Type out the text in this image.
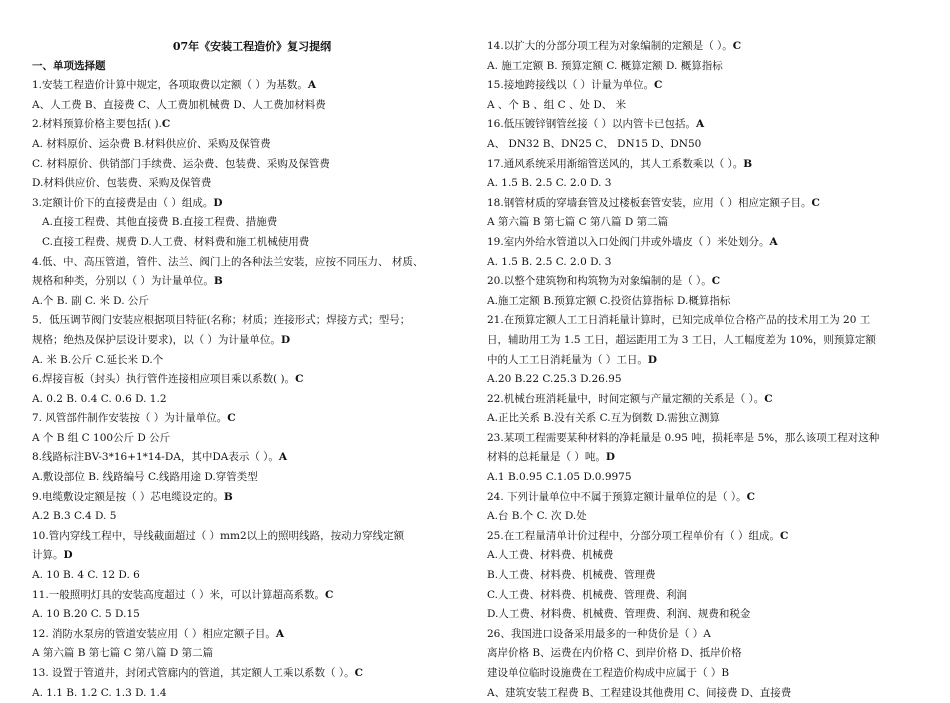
07年《安装工程造价》复习提纲
一、单项选择题
1.安装工程造价计算中规定，各项取费以定额（ ）为基数。A
A、人工费 B、直接费 C、人工费加机械费 D、人工费加材料费
2.材料预算价格主要包括( ).C
A. 材料原价、运杂费 B.材料供应价、采购及保管费
C. 材料原价、供销部门手续费、运杂费、包装费、采购及保管费
D.材料供应价、包装费、采购及保管费
3.定额计价下的直接费是由（ ）组成。D
A.直接工程费、其他直接费 B.直接工程费、措施费
C.直接工程费、规费 D.人工费、材料费和施工机械使用费
4.低、中、高压管道，管件、法兰、阀门上的各种法兰安装，应按不同压力、 材质、
规格和种类，分别以（ ）为计量单位。B
A.个 B. 副 C. 米 D. 公斤
5．低压调节阀门安装应根据项目特征(名称；材质；连接形式；焊接方式；型号；
规格；绝热及保护层设计要求)，以（ ）为计量单位。D
A. 米 B.公斤 C.延长米 D.个
6.焊接盲板（封头）执行管件连接相应项目乘以系数( )。C
A. 0.2 B. 0.4 C. 0.6 D. 1.2
7. 风管部件制作安装按（ ）为计量单位。C
A 个 B 组 C 100公斤 D 公斤
8.线路标注BV-3*16+1*14-DA，其中DA表示（ ）。A
A.敷设部位 B. 线路编号 C.线路用途 D.穿管类型
9.电缆敷设定额是按（ ）芯电缆设定的。B
A.2 B.3 C.4 D. 5
10.管内穿线工程中，导线截面超过（ ）mm2以上的照明线路，按动力穿线定额
计算。D
A. 10 B. 4 C. 12 D. 6
11.一般照明灯具的安装高度超过（ ）米，可以计算超高系数。C
A. 10 B.20 C. 5 D.15
12. 消防水泵房的管道安装应用（ ）相应定额子目。A
A 第六篇 B 第七篇 C 第八篇 D 第二篇
13. 设置于管道井，封闭式管廊内的管道，其定额人工乘以系数（ ）。C
A. 1.1 B. 1.2 C. 1.3 D. 1.4
14.以扩大的分部分项工程为对象编制的定额是（ ）。C
A. 施工定额 B. 预算定额 C. 概算定额 D. 概算指标
15.接地跨接线以（ ）计量为单位。C
A 、个 B 、组 C 、处 D、 米
16.低压镀锌钢管丝接（ ）以内管卡已包括。A
A、 DN32 B、DN25 C、 DN15 D、DN50
17.通风系统采用渐缩管送风的，其人工系数乘以（ ）。B
A. 1.5 B. 2.5 C. 2.0 D. 3
18.钢管材质的穿墙套管及过楼板套管安装，应用（ ）相应定额子目。C
A 第六篇 B 第七篇 C 第八篇 D 第二篇
19.室内外给水管道以入口处阀门井或外墙皮（ ）米处划分。A
A. 1.5 B. 2.5 C. 2.0 D. 3
20.以整个建筑物和构筑物为对象编制的是（ ）。C
A.施工定额 B.预算定额 C.投资估算指标 D.概算指标
21.在预算定额人工工日消耗量计算时，已知完成单位合格产品的技术用工为 20 工
日，辅助用工为 1.5 工日，超运距用工为 3 工日，人工幅度差为 10%，则预算定额
中的人工工日消耗量为（ ）工日。D
A.20 B.22 C.25.3 D.26.95
22.机械台班消耗量中，时间定额与产量定额的关系是（ ）。C
A.正比关系 B.没有关系 C.互为倒数 D.需独立测算
23.某项工程需要某种材料的净耗量是 0.95 吨，损耗率是 5%，那么该项工程对这种
材料的总耗量是（ ）吨。D
A.1 B.0.95 C.1.05 D.0.9975
24. 下列计量单位中不属于预算定额计量单位的是（ ）。C
A.台 B.个 C. 次 D.处
25.在工程量清单计价过程中，分部分项工程单价有（ ）组成。C
A.人工费、材料费、机械费
B.人工费、材料费、机械费、管理费
C.人工费、材料费、机械费、管理费、利润
D.人工费、材料费、机械费、管理费、利润、规费和税金
26、我国进口设备采用最多的一种货价是（ ）A
离岸价格 B、运费在内价格 C、到岸价格 D、抵岸价格
建设单位临时设施费在工程造价构成中应属于（ ）B
A、建筑安装工程费 B、工程建设其他费用 C、间接费 D、直接费
